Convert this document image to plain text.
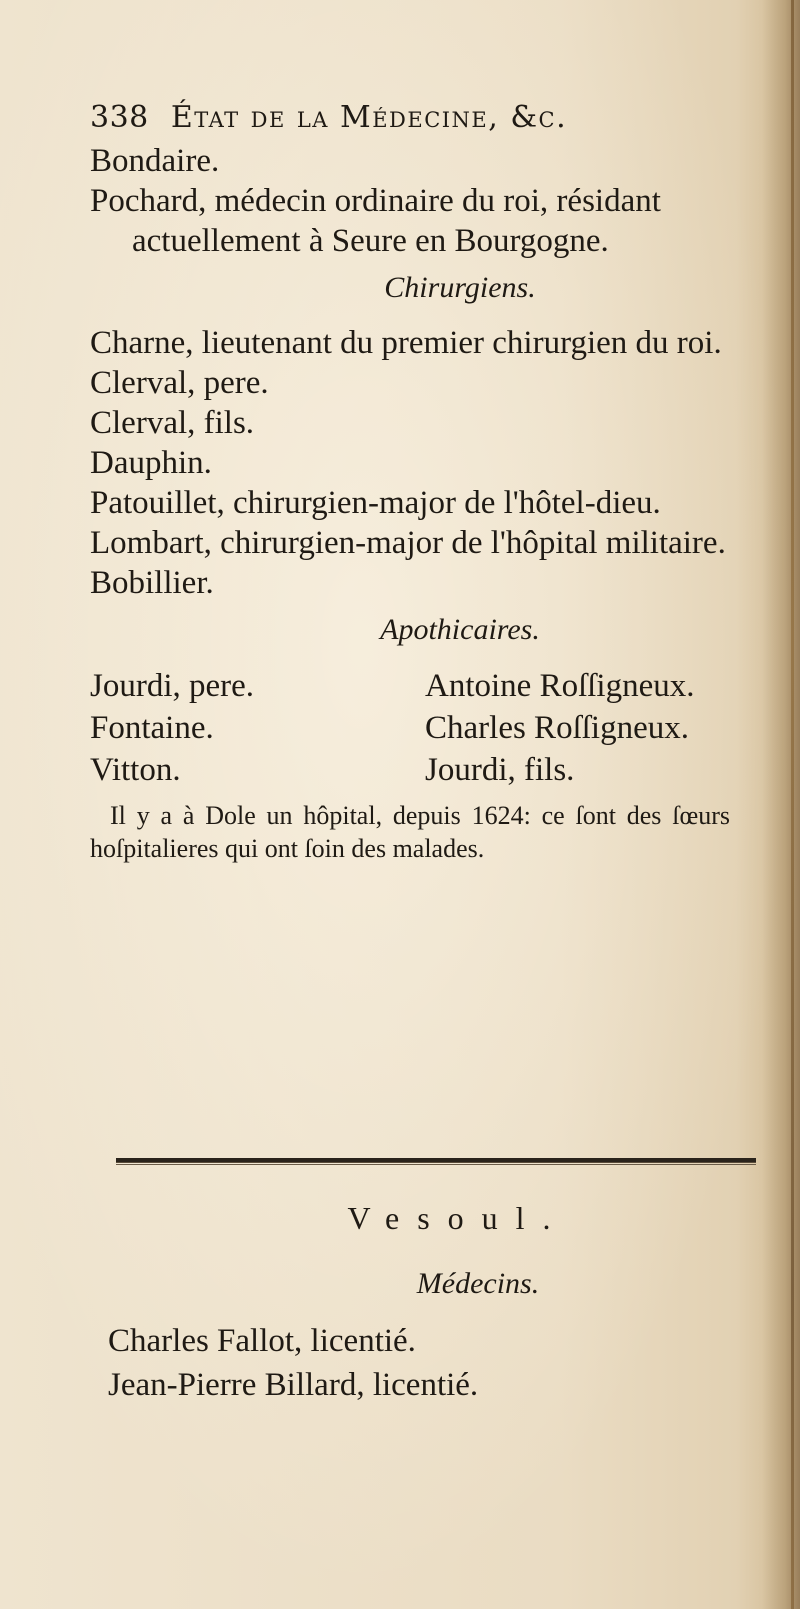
338 État de la Médecine, &c.

Bondaire.

Pochard, médecin ordinaire du roi, résidant actuellement à Seure en Bourgogne.

Chirurgiens.

Charne, lieutenant du premier chirurgien du roi.

Clerval, pere.

Clerval, fils.

Dauphin.

Patouillet, chirurgien-major de l'hôtel-dieu.

Lombart, chirurgien-major de l'hôpital militaire.

Bobillier.

Apothicaires.

Jourdi, pere.

Fontaine.

Vitton.

Antoine Roſſigneux.

Charles Roſſigneux.

Jourdi, fils.

Il y a à Dole un hôpital, depuis 1624: ce ſont des ſœurs hoſpitalieres qui ont ſoin des malades.

Vesoul.
Médecins.

Charles Fallot, licentié.

Jean-Pierre Billard, licentié.
